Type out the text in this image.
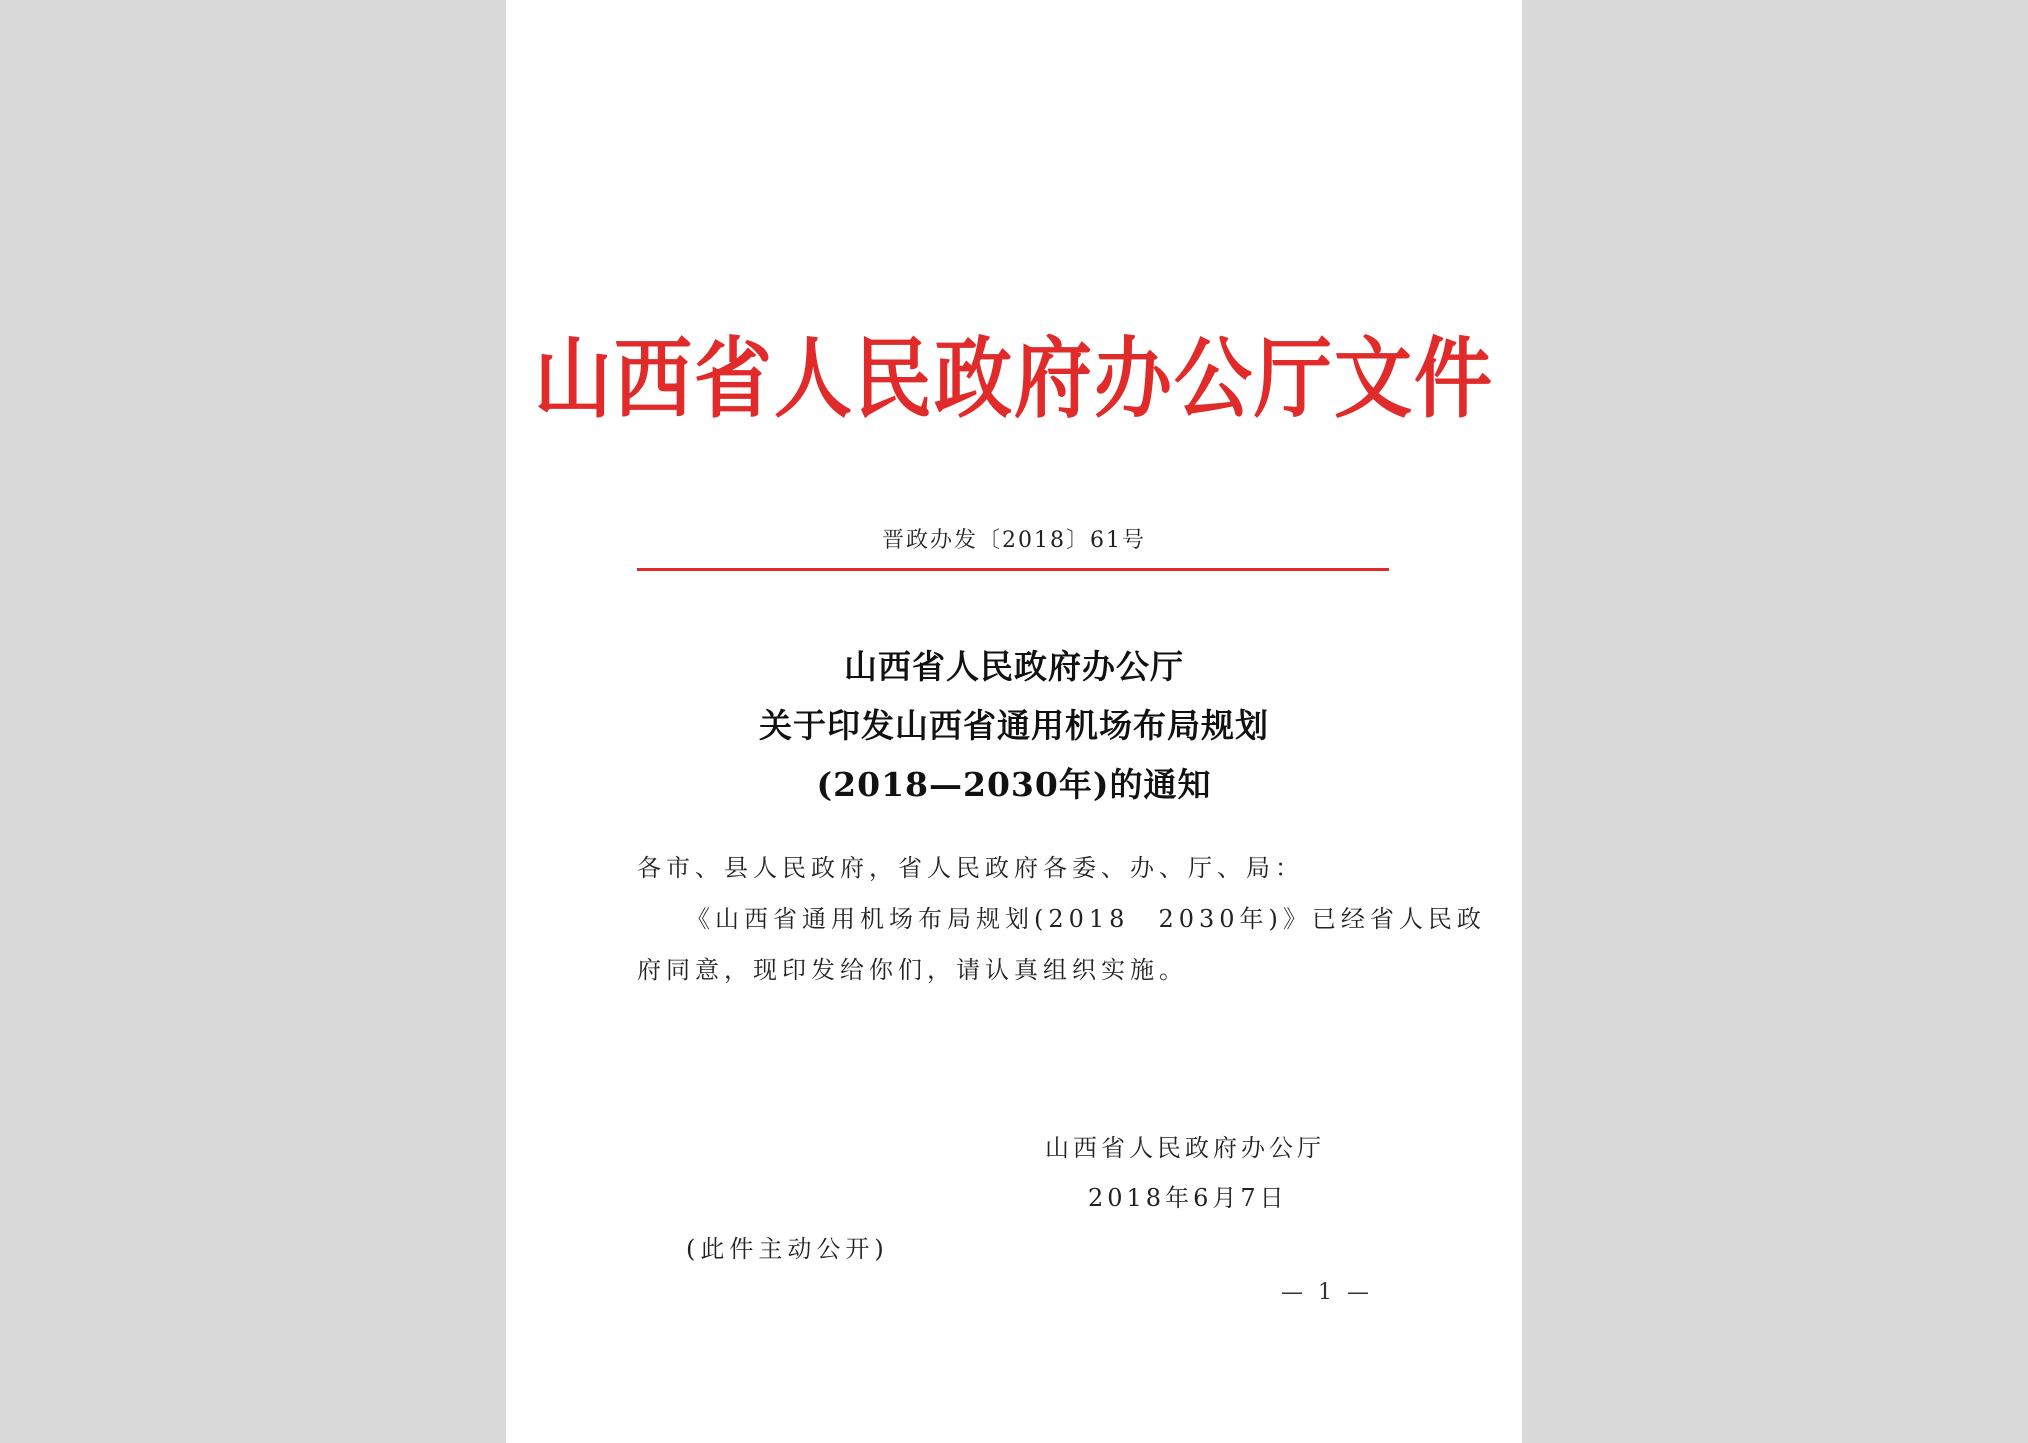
山西省人民政府办公厅文件
晋政办发〔2018〕61号
山西省人民政府办公厅
关于印发山西省通用机场布局规划
(2018—2030年)的通知
各市、县人民政府，省人民政府各委、办、厅、局：
《山西省通用机场布局规划(2018　2030年)》已经省人民政
府同意，现印发给你们，请认真组织实施。
山西省人民政府办公厅
2018年6月7日
(此件主动公开)
— 1 —
